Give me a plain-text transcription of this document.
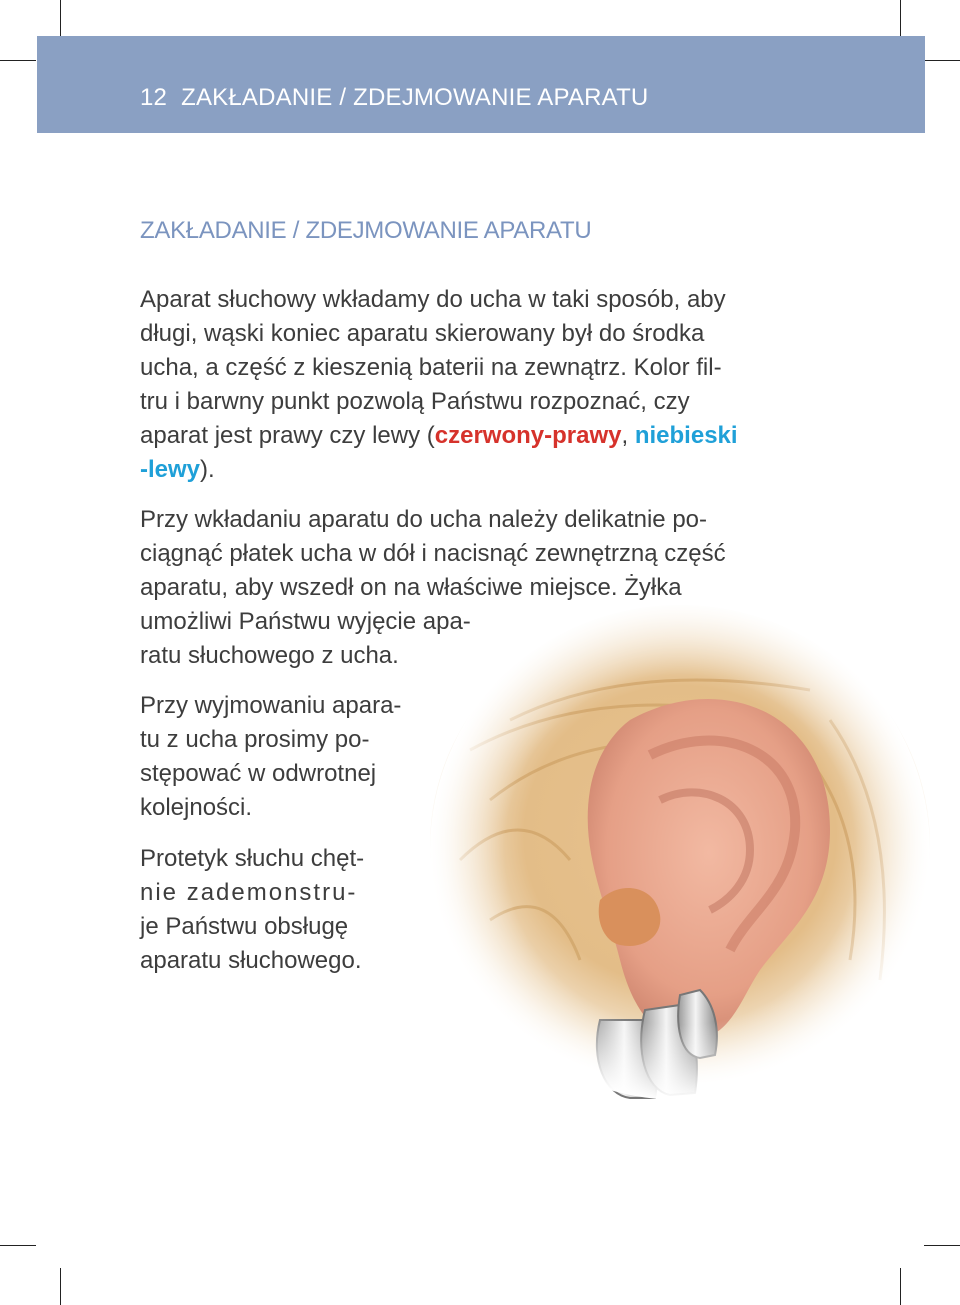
12 ZAKŁADANIE / ZDEJMOWANIE APARATU
ZAKŁADANIE / ZDEJMOWANIE APARATU

Aparat słuchowy wkładamy do ucha w taki sposób, aby
długi, wąski koniec aparatu skierowany był do środka
ucha, a część z kieszenią baterii na zewnątrz. Kolor fil-
tru i barwny punkt pozwolą Państwu rozpoznać, czy
aparat jest prawy czy lewy (czerwony-prawy, niebieski
-lewy).

Przy wkładaniu aparatu do ucha należy delikatnie po-
ciągnąć płatek ucha w dół i nacisnąć zewnętrzną część
aparatu, aby wszedł on na właściwe miejsce. Żyłka
umożliwi Państwu wyjęcie apa-
ratu słuchowego z ucha.

Przy wyjmowaniu apara-
tu z ucha prosimy po-
stępować w odwrotnej
kolejności.

Protetyk słuchu chęt-
nie zademonstru-
je Państwu obsługę
aparatu słuchowego.
